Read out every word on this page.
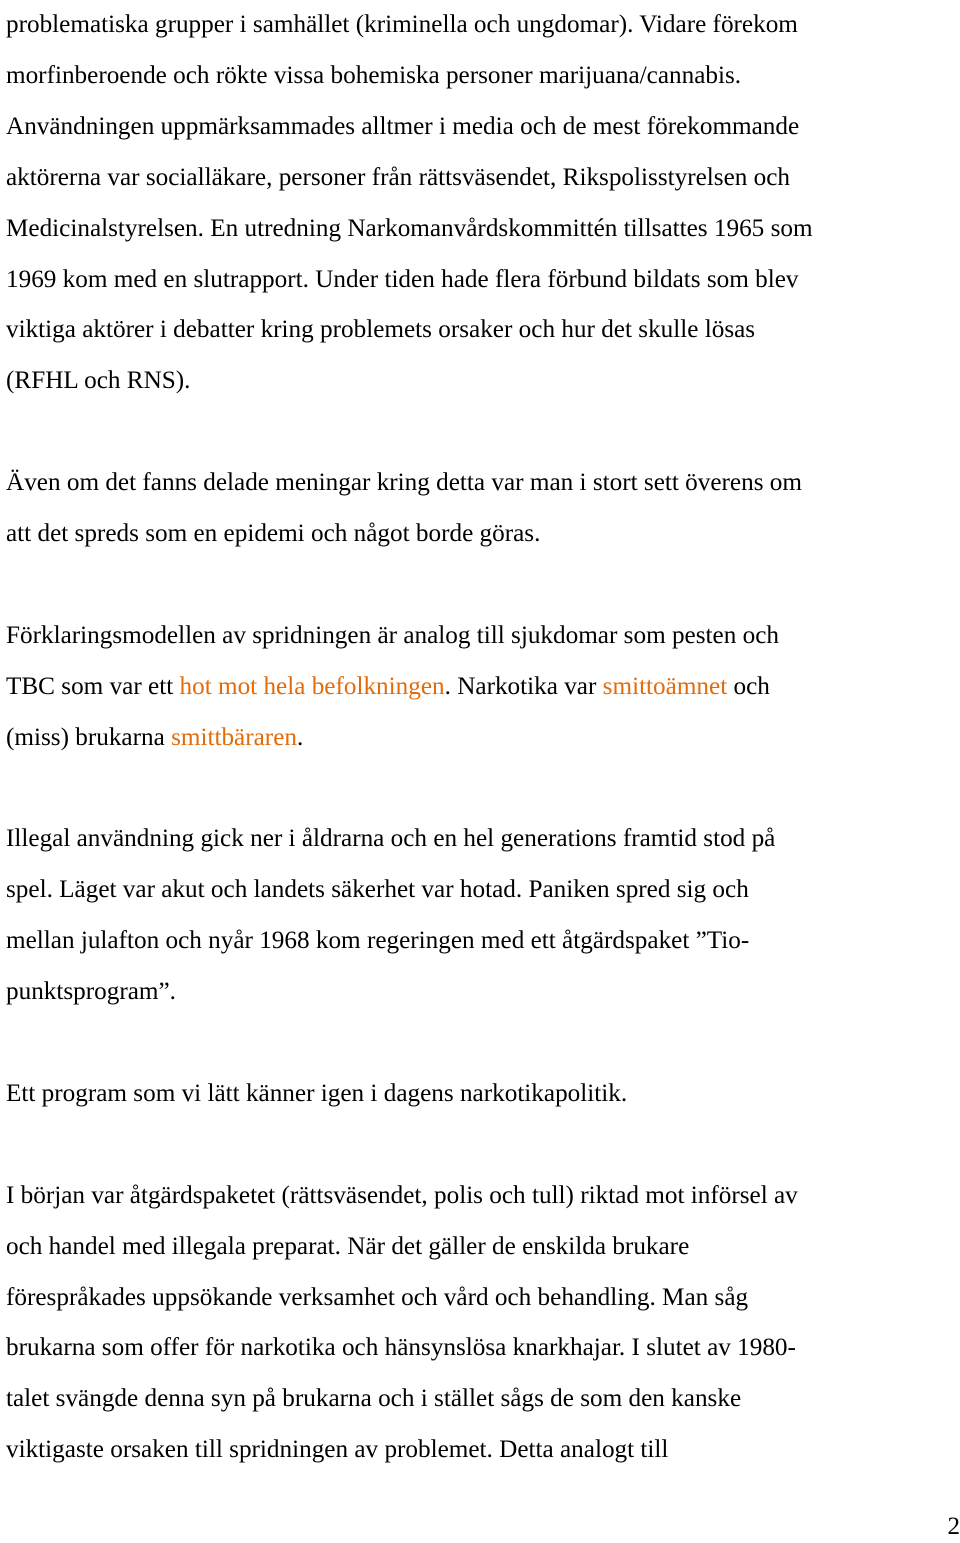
problematiska grupper i samhället (kriminella och ungdomar). Vidare förekom
morfinberoende och rökte vissa bohemiska personer marijuana/cannabis.
Användningen uppmärksammades alltmer i media och de mest förekommande
aktörerna var socialläkare, personer från rättsväsendet, Rikspolisstyrelsen och
Medicinalstyrelsen. En utredning Narkomanvårdskommittén tillsattes 1965 som
1969 kom med en slutrapport. Under tiden hade flera förbund bildats som blev
viktiga aktörer i debatter kring problemets orsaker och hur det skulle lösas
(RFHL och RNS).

Även om det fanns delade meningar kring detta var man i stort sett överens om
att det spreds som en epidemi och något borde göras.

Förklaringsmodellen av spridningen är analog till sjukdomar som pesten och
TBC som var ett hot mot hela befolkningen. Narkotika var smittoämnet och
(miss) brukarna smittbäraren.

Illegal användning gick ner i åldrarna och en hel generations framtid stod på
spel. Läget var akut och landets säkerhet var hotad. Paniken spred sig och
mellan julafton och nyår 1968 kom regeringen med ett åtgärdspaket ”Tio-
punktsprogram”.

Ett program som vi lätt känner igen i dagens narkotikapolitik.

I början var åtgärdspaketet (rättsväsendet, polis och tull) riktad mot införsel av
och handel med illegala preparat. När det gäller de enskilda brukare
förespråkades uppsökande verksamhet och vård och behandling. Man såg
brukarna som offer för narkotika och hänsynslösa knarkhajar. I slutet av 1980-
talet svängde denna syn på brukarna och i stället sågs de som den kanske
viktigaste orsaken till spridningen av problemet. Detta analogt till

2
